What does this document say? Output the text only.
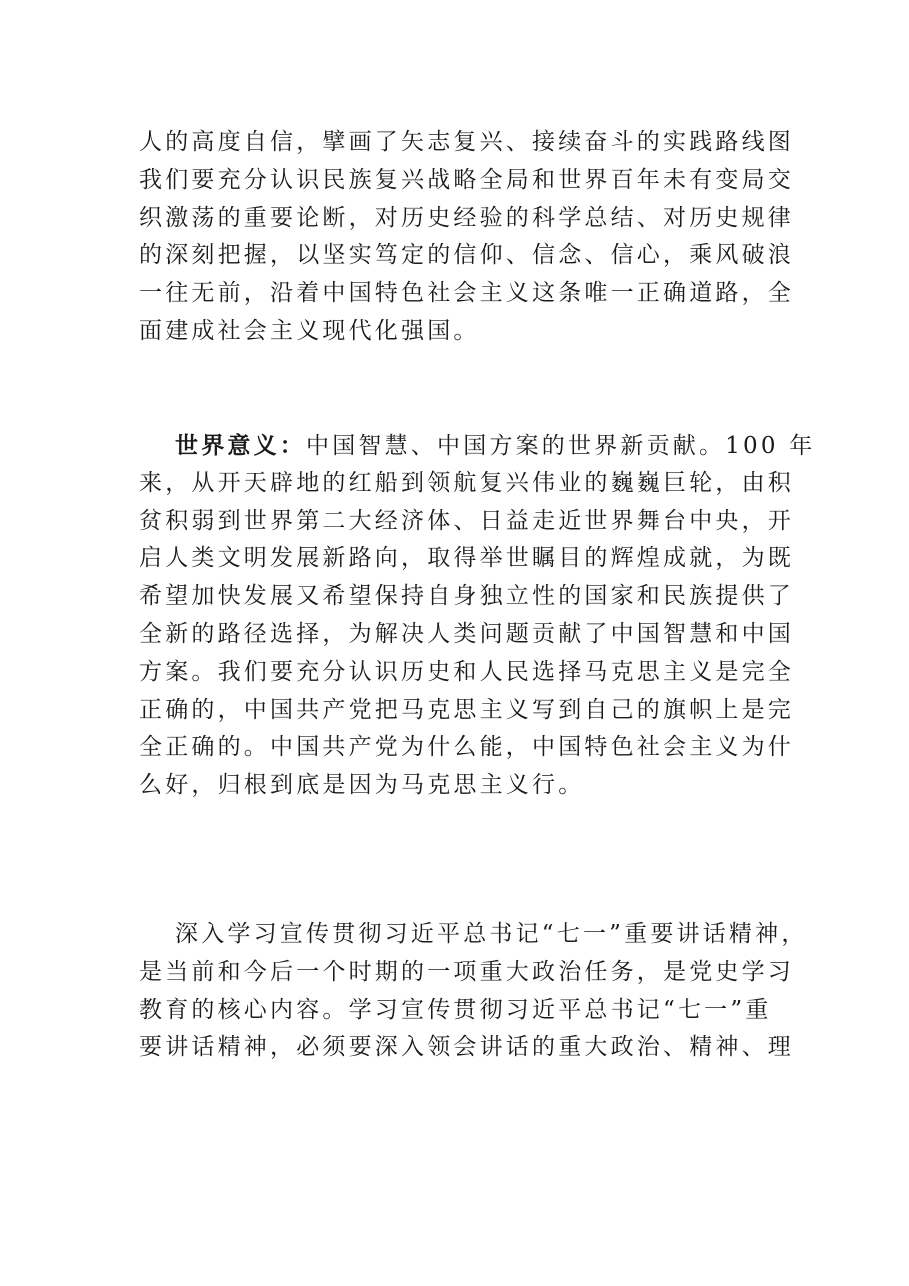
人的高度自信，擘画了矢志复兴、接续奋斗的实践路线图
我们要充分认识民族复兴战略全局和世界百年未有变局交
织激荡的重要论断，对历史经验的科学总结、对历史规律
的深刻把握，以坚实笃定的信仰、信念、信心，乘风破浪
一往无前，沿着中国特色社会主义这条唯一正确道路，全
面建成社会主义现代化强国。
世界意义：中国智慧、中国方案的世界新贡献。100 年
来，从开天辟地的红船到领航复兴伟业的巍巍巨轮，由积
贫积弱到世界第二大经济体、日益走近世界舞台中央，开
启人类文明发展新路向，取得举世瞩目的辉煌成就，为既
希望加快发展又希望保持自身独立性的国家和民族提供了
全新的路径选择，为解决人类问题贡献了中国智慧和中国
方案。我们要充分认识历史和人民选择马克思主义是完全
正确的，中国共产党把马克思主义写到自己的旗帜上是完
全正确的。中国共产党为什么能，中国特色社会主义为什
么好，归根到底是因为马克思主义行。
深入学习宣传贯彻习近平总书记“七一”重要讲话精神，
是当前和今后一个时期的一项重大政治任务，是党史学习
教育的核心内容。学习宣传贯彻习近平总书记“七一”重
要讲话精神，必须要深入领会讲话的重大政治、精神、理
